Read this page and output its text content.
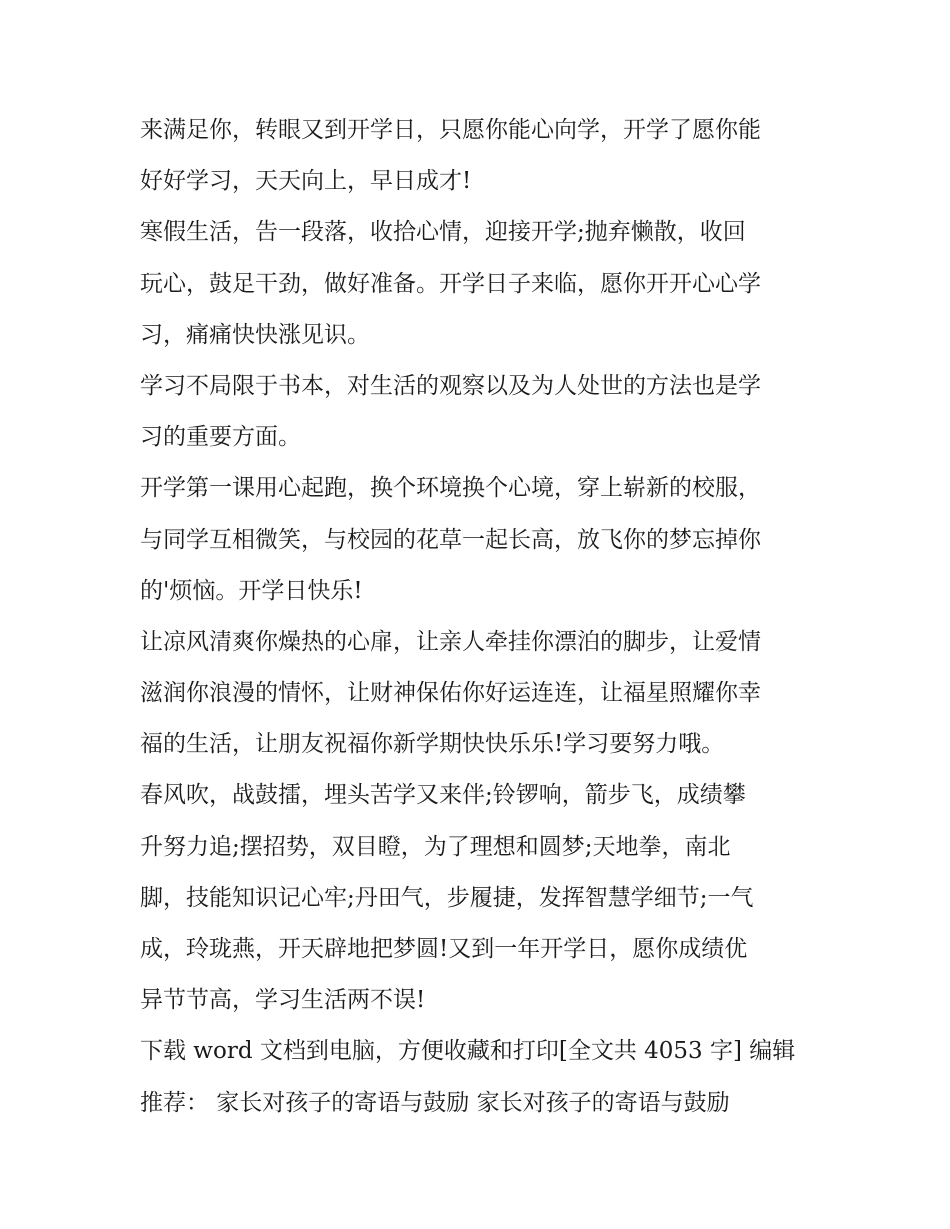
来满足你，转眼又到开学日，只愿你能心向学，开学了愿你能
好好学习，天天向上，早日成才!
寒假生活，告一段落，收拾心情，迎接开学;抛弃懒散，收回
玩心，鼓足干劲，做好准备。开学日子来临，愿你开开心心学
习，痛痛快快涨见识。
学习不局限于书本，对生活的观察以及为人处世的方法也是学
习的重要方面。
开学第一课用心起跑，换个环境换个心境，穿上崭新的校服，
与同学互相微笑，与校园的花草一起长高，放飞你的梦忘掉你
的'烦恼。开学日快乐!
让凉风清爽你燥热的心扉，让亲人牵挂你漂泊的脚步，让爱情
滋润你浪漫的情怀，让财神保佑你好运连连，让福星照耀你幸
福的生活，让朋友祝福你新学期快快乐乐!学习要努力哦。
春风吹，战鼓擂，埋头苦学又来伴;铃锣响，箭步飞，成绩攀
升努力追;摆招势，双目瞪，为了理想和圆梦;天地拳，南北
脚，技能知识记心牢;丹田气，步履捷，发挥智慧学细节;一气
成，玲珑燕，开天辟地把梦圆!又到一年开学日，愿你成绩优
异节节高，学习生活两不误!
下载 word 文档到电脑，方便收藏和打印[全文共 4053 字] 编辑
推荐： 家长对孩子的寄语与鼓励 家长对孩子的寄语与鼓励
